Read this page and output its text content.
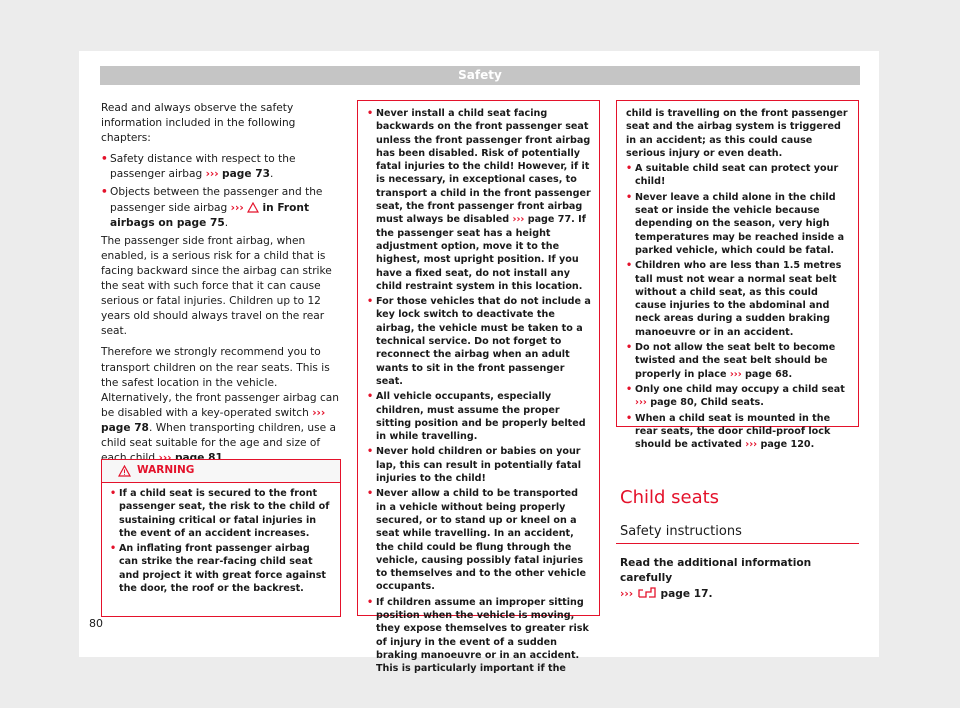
Safety

Read and always observe the safety information included in the following chapters:

• Safety distance with respect to the passenger airbag ››› page 73.
• Objects between the passenger and the passenger side airbag ››› in Front airbags on page 75.

The passenger side front airbag, when enabled, is a serious risk for a child that is facing backward since the airbag can strike the seat with such force that it can cause serious or fatal injuries. Children up to 12 years old should always travel on the rear seat.

Therefore we strongly recommend you to transport children on the rear seats. This is the safest location in the vehicle. Alternatively, the front passenger airbag can be disabled with a key-operated switch ››› page 78. When transporting children, use a child seat suitable for the age and size of

WARNING
• If a child seat is secured to the front passenger seat, the risk to the child of sustaining critical or fatal injuries in the event of an accident increases.
• An inflating front passenger airbag can strike the rear-facing child seat and project it with great force against the door, the roof or the backrest.
• Never install a child seat facing backwards on the front passenger seat unless the front passenger front airbag has been disabled. Risk of potentially fatal injuries to the child! However, if it is necessary, in exceptional cases, to transport a child in the front passenger seat, the front passenger front airbag must always be disabled ››› page 77. If the passenger seat has a height adjustment option, move it to the highest, most upright position. If you have a fixed seat, do not install any child restraint system in this location.
• For those vehicles that do not include a key lock switch to deactivate the airbag, the vehicle must be taken to a technical service. Do not forget to reconnect the airbag when an adult wants to sit in the front passenger seat.
• All vehicle occupants, especially children, must assume the proper sitting position and be properly belted in while travelling.
• Never hold children or babies on your lap, this can result in potentially fatal injuries to the child!
• Never allow a child to be transported in a vehicle without being properly secured, or to stand up or kneel on a seat while travelling. In an accident, the child could be flung through the vehicle, causing possibly fatal injuries to themselves and to the other vehicle occupants.
• If children assume an improper sitting position when the vehicle is moving, they expose themselves to greater risk of injury in the event of a sudden braking manoeuvre or in an accident. This is particularly important if the
child is travelling on the front passenger seat and the airbag system is triggered in an accident; as this could cause serious injury or even death.
• A suitable child seat can protect your child!
• Never leave a child alone in the child seat or inside the vehicle because depending on the season, very high temperatures may be reached inside a parked vehicle, which could be fatal.
• Children who are less than 1.5 metres tall must not wear a normal seat belt without a child seat, as this could cause injuries to the abdominal and neck areas during a sudden braking manoeuvre or in an accident.
• Do not allow the seat belt to become twisted and the seat belt should be properly in place ››› page 68.
• Only one child may occupy a child seat ››› page 80, Child seats.
• When a child seat is mounted in the rear seats, the door child-proof lock should be activated ››› page 120.
Child seats
Safety instructions
Read the additional information carefully
›››	page 17.
80
